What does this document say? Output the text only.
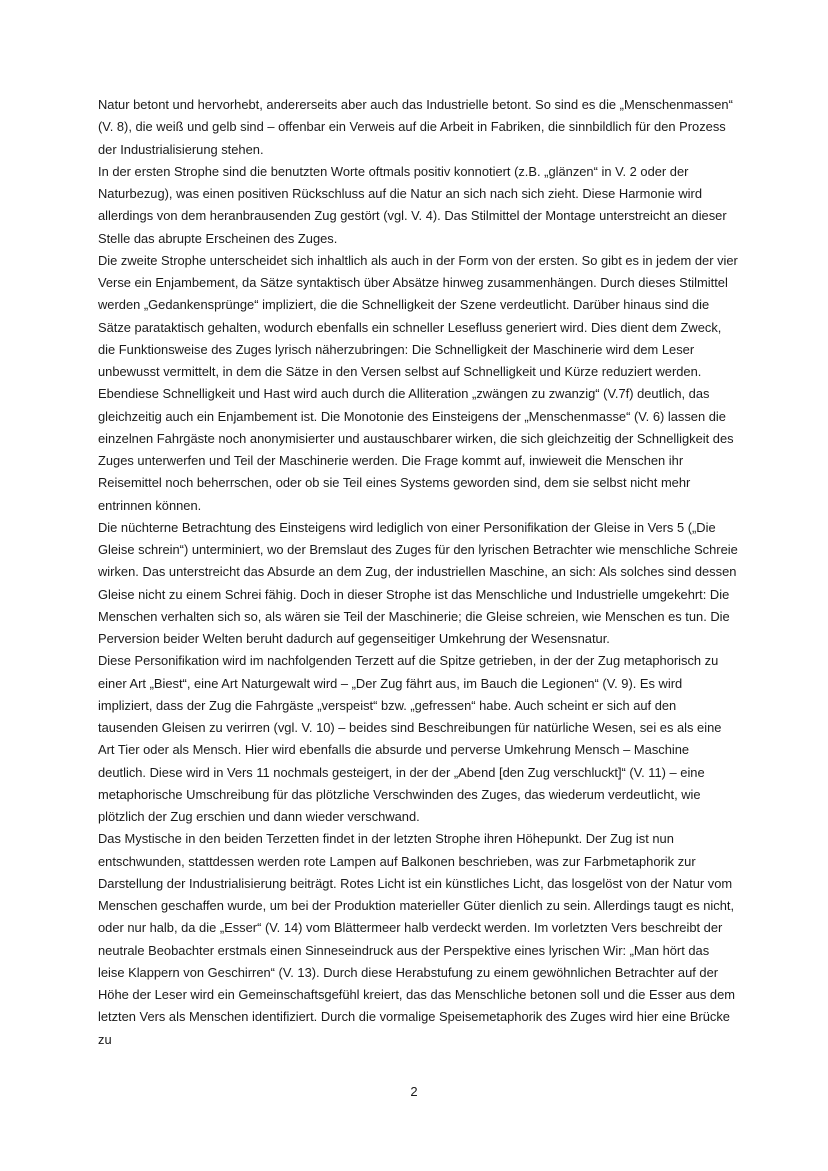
Natur betont und hervorhebt, andererseits aber auch das Industrielle betont. So sind es die „Menschenmassen“ (V. 8), die weiß und gelb sind – offenbar ein Verweis auf die Arbeit in Fabriken, die sinnbildlich für den Prozess der Industrialisierung stehen.

In der ersten Strophe sind die benutzten Worte oftmals positiv konnotiert (z.B. „glänzen“ in V. 2 oder der Naturbezug), was einen positiven Rückschluss auf die Natur an sich nach sich zieht. Diese Harmonie wird allerdings von dem heranbrausenden Zug gestört (vgl. V. 4). Das Stilmittel der Montage unterstreicht an dieser Stelle das abrupte Erscheinen des Zuges.

Die zweite Strophe unterscheidet sich inhaltlich als auch in der Form von der ersten. So gibt es in jedem der vier Verse ein Enjambement, da Sätze syntaktisch über Absätze hinweg zusammenhängen. Durch dieses Stilmittel werden „Gedankensprünge“ impliziert, die die Schnelligkeit der Szene verdeutlicht. Darüber hinaus sind die Sätze parataktisch gehalten, wodurch ebenfalls ein schneller Lesefluss generiert wird. Dies dient dem Zweck, die Funktionsweise des Zuges lyrisch näherzubringen: Die Schnelligkeit der Maschinerie wird dem Leser unbewusst vermittelt, in dem die Sätze in den Versen selbst auf Schnelligkeit und Kürze reduziert werden.

Ebendiese Schnelligkeit und Hast wird auch durch die Alliteration „zwängen zu zwanzig“ (V.7f) deutlich, das gleichzeitig auch ein Enjambement ist. Die Monotonie des Einsteigens der „Menschenmasse“ (V. 6) lassen die einzelnen Fahrgäste noch anonymisierter und austauschbarer wirken, die sich gleichzeitig der Schnelligkeit des Zuges unterwerfen und Teil der Maschinerie werden. Die Frage kommt auf, inwieweit die Menschen ihr Reisemittel noch beherrschen, oder ob sie Teil eines Systems geworden sind, dem sie selbst nicht mehr entrinnen können.

Die nüchterne Betrachtung des Einsteigens wird lediglich von einer Personifikation der Gleise in Vers 5 („Die Gleise schrein“) unterminiert, wo der Bremslaut des Zuges für den lyrischen Betrachter wie menschliche Schreie wirken. Das unterstreicht das Absurde an dem Zug, der industriellen Maschine, an sich: Als solches sind dessen Gleise nicht zu einem Schrei fähig. Doch in dieser Strophe ist das Menschliche und Industrielle umgekehrt: Die Menschen verhalten sich so, als wären sie Teil der Maschinerie; die Gleise schreien, wie Menschen es tun. Die Perversion beider Welten beruht dadurch auf gegenseitiger Umkehrung der Wesensnatur.

Diese Personifikation wird im nachfolgenden Terzett auf die Spitze getrieben, in der der Zug metaphorisch zu einer Art „Biest“, eine Art Naturgewalt wird – „Der Zug fährt aus, im Bauch die Legionen“ (V. 9). Es wird impliziert, dass der Zug die Fahrgäste „verspeist“ bzw. „gefressen“ habe. Auch scheint er sich auf den tausenden Gleisen zu verirren (vgl. V. 10) – beides sind Beschreibungen für natürliche Wesen, sei es als eine Art Tier oder als Mensch. Hier wird ebenfalls die absurde und perverse Umkehrung Mensch – Maschine deutlich. Diese wird in Vers 11 nochmals gesteigert, in der der „Abend [den Zug verschluckt]“ (V. 11) – eine metaphorische Umschreibung für das plötzliche Verschwinden des Zuges, das wiederum verdeutlicht, wie plötzlich der Zug erschien und dann wieder verschwand.

Das Mystische in den beiden Terzetten findet in der letzten Strophe ihren Höhepunkt. Der Zug ist nun entschwunden, stattdessen werden rote Lampen auf Balkonen beschrieben, was zur Farbmetaphorik zur Darstellung der Industrialisierung beiträgt. Rotes Licht ist ein künstliches Licht, das losgelöst von der Natur vom Menschen geschaffen wurde, um bei der Produktion materieller Güter dienlich zu sein. Allerdings taugt es nicht, oder nur halb, da die „Esser“ (V. 14) vom Blättermeer halb verdeckt werden. Im vorletzten Vers beschreibt der neutrale Beobachter erstmals einen Sinneseindruck aus der Perspektive eines lyrischen Wir: „Man hört das leise Klappern von Geschirren“ (V. 13). Durch diese Herabstufung zu einem gewöhnlichen Betrachter auf der Höhe der Leser wird ein Gemeinschaftsgefühl kreiert, das das Menschliche betonen soll und die Esser aus dem letzten Vers als Menschen identifiziert. Durch die vormalige Speisemetaphorik des Zuges wird hier eine Brücke zu

2
